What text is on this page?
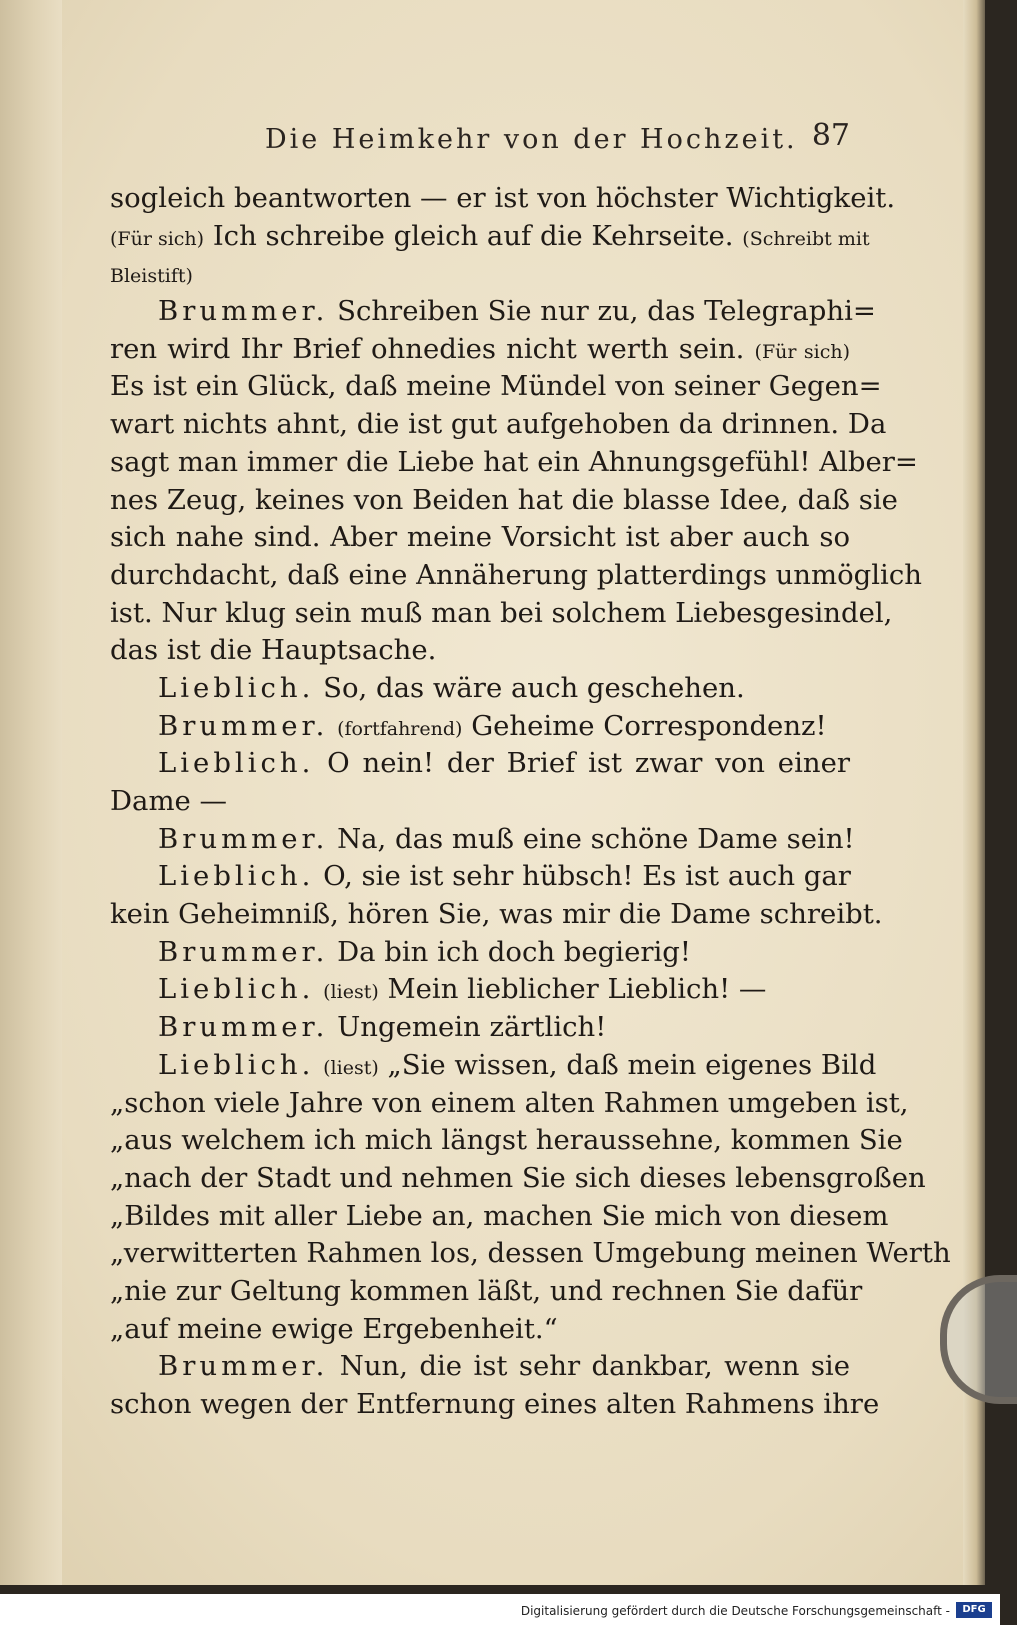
Die Heimkehr von der Hochzeit. 87
sogleich beantworten — er ist von höchster Wichtigkeit.
(Für sich) Ich schreibe gleich auf die Kehrseite. (Schreibt mit
Bleistift)
Brummer. Schreiben Sie nur zu, das Telegraphi=
ren wird Ihr Brief ohnedies nicht werth sein. (Für sich)
Es ist ein Glück, daß meine Mündel von seiner Gegen=
wart nichts ahnt, die ist gut aufgehoben da drinnen. Da
sagt man immer die Liebe hat ein Ahnungsgefühl! Alber=
nes Zeug, keines von Beiden hat die blasse Idee, daß sie
sich nahe sind. Aber meine Vorsicht ist aber auch so
durchdacht, daß eine Annäherung platterdings unmöglich
ist. Nur klug sein muß man bei solchem Liebesgesindel,
das ist die Hauptsache.
Lieblich. So, das wäre auch geschehen.
Brummer. (fortfahrend) Geheime Correspondenz!
Lieblich. O nein! der Brief ist zwar von einer
Dame —
Brummer. Na, das muß eine schöne Dame sein!
Lieblich. O, sie ist sehr hübsch! Es ist auch gar
kein Geheimniß, hören Sie, was mir die Dame schreibt.
Brummer. Da bin ich doch begierig!
Lieblich. (liest) Mein lieblicher Lieblich! —
Brummer. Ungemein zärtlich!
Lieblich. (liest) „Sie wissen, daß mein eigenes Bild
„schon viele Jahre von einem alten Rahmen umgeben ist,
„aus welchem ich mich längst heraussehne, kommen Sie
„nach der Stadt und nehmen Sie sich dieses lebensgroßen
„Bildes mit aller Liebe an, machen Sie mich von diesem
„verwitterten Rahmen los, dessen Umgebung meinen Werth
„nie zur Geltung kommen läßt, und rechnen Sie dafür
„auf meine ewige Ergebenheit.“
Brummer. Nun, die ist sehr dankbar, wenn sie
schon wegen der Entfernung eines alten Rahmens ihre
Digitalisierung gefördert durch die Deutsche Forschungsgemeinschaft -	DFG
